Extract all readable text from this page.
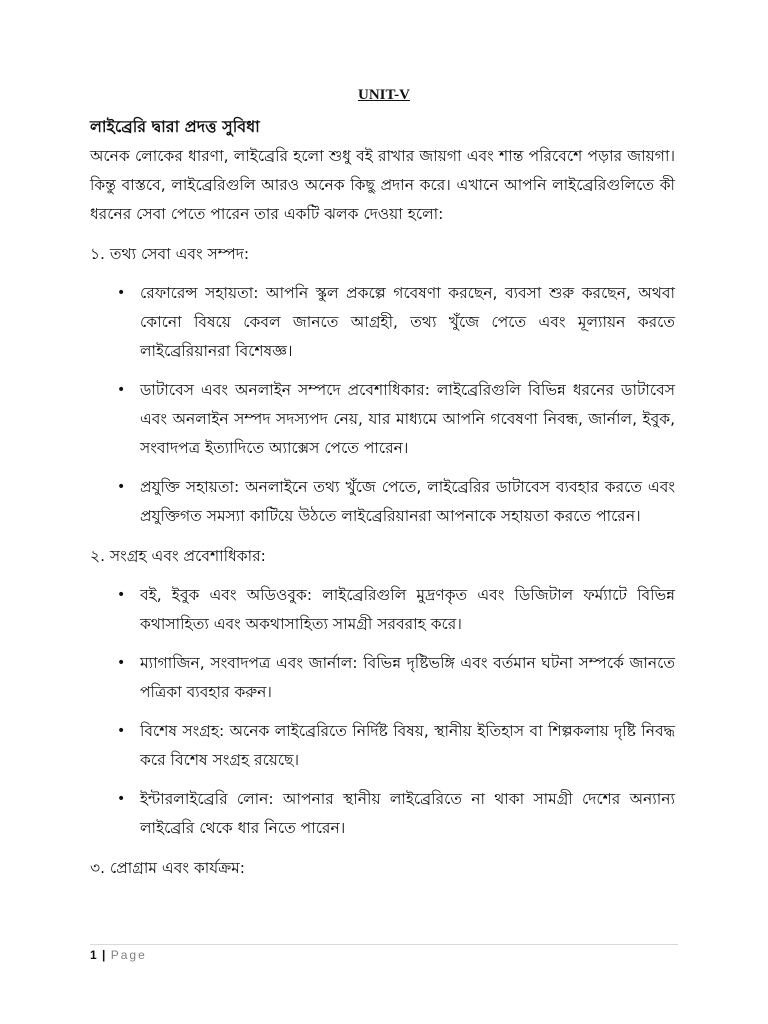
UNIT-V

লাইব্রেরি দ্বারা প্রদত্ত সুবিধা

অনেক লোকের ধারণা, লাইব্রেরি হলো শুধু বই রাখার জায়গা এবং শান্ত পরিবেশে পড়ার জায়গা। কিন্তু বাস্তবে, লাইব্রেরিগুলি আরও অনেক কিছু প্রদান করে। এখানে আপনি লাইব্রেরিগুলিতে কী ধরনের সেবা পেতে পারেন তার একটি ঝলক দেওয়া হলো:

১. তথ্য সেবা এবং সম্পদ:

• রেফারেন্স সহায়তা: আপনি স্কুল প্রকল্পে গবেষণা করছেন, ব্যবসা শুরু করছেন, অথবা কোনো বিষয়ে কেবল জানতে আগ্রহী, তথ্য খুঁজে পেতে এবং মূল্যায়ন করতে লাইব্রেরিয়ানরা বিশেষজ্ঞ।
• ডাটাবেস এবং অনলাইন সম্পদে প্রবেশাধিকার: লাইব্রেরিগুলি বিভিন্ন ধরনের ডাটাবেস এবং অনলাইন সম্পদ সদস্যপদ নেয়, যার মাধ্যমে আপনি গবেষণা নিবন্ধ, জার্নাল, ইবুক, সংবাদপত্র ইত্যাদিতে অ্যাক্সেস পেতে পারেন।
• প্রযুক্তি সহায়তা: অনলাইনে তথ্য খুঁজে পেতে, লাইব্রেরির ডাটাবেস ব্যবহার করতে এবং প্রযুক্তিগত সমস্যা কাটিয়ে উঠতে লাইব্রেরিয়ানরা আপনাকে সহায়তা করতে পারেন।

২. সংগ্রহ এবং প্রবেশাধিকার:

• বই, ইবুক এবং অডিওবুক: লাইব্রেরিগুলি মুদ্রণকৃত এবং ডিজিটাল ফর্ম্যাটে বিভিন্ন কথাসাহিত্য এবং অকথাসাহিত্য সামগ্রী সরবরাহ করে।
• ম্যাগাজিন, সংবাদপত্র এবং জার্নাল: বিভিন্ন দৃষ্টিভঙ্গি এবং বর্তমান ঘটনা সম্পর্কে জানতে পত্রিকা ব্যবহার করুন।
• বিশেষ সংগ্রহ: অনেক লাইব্রেরিতে নির্দিষ্ট বিষয়, স্থানীয় ইতিহাস বা শিল্পকলায় দৃষ্টি নিবদ্ধ করে বিশেষ সংগ্রহ রয়েছে।
• ইন্টারলাইব্রেরি লোন: আপনার স্থানীয় লাইব্রেরিতে না থাকা সামগ্রী দেশের অন্যান্য লাইব্রেরি থেকে ধার নিতে পারেন।

৩. প্রোগ্রাম এবং কার্যক্রম:

1 | Page
